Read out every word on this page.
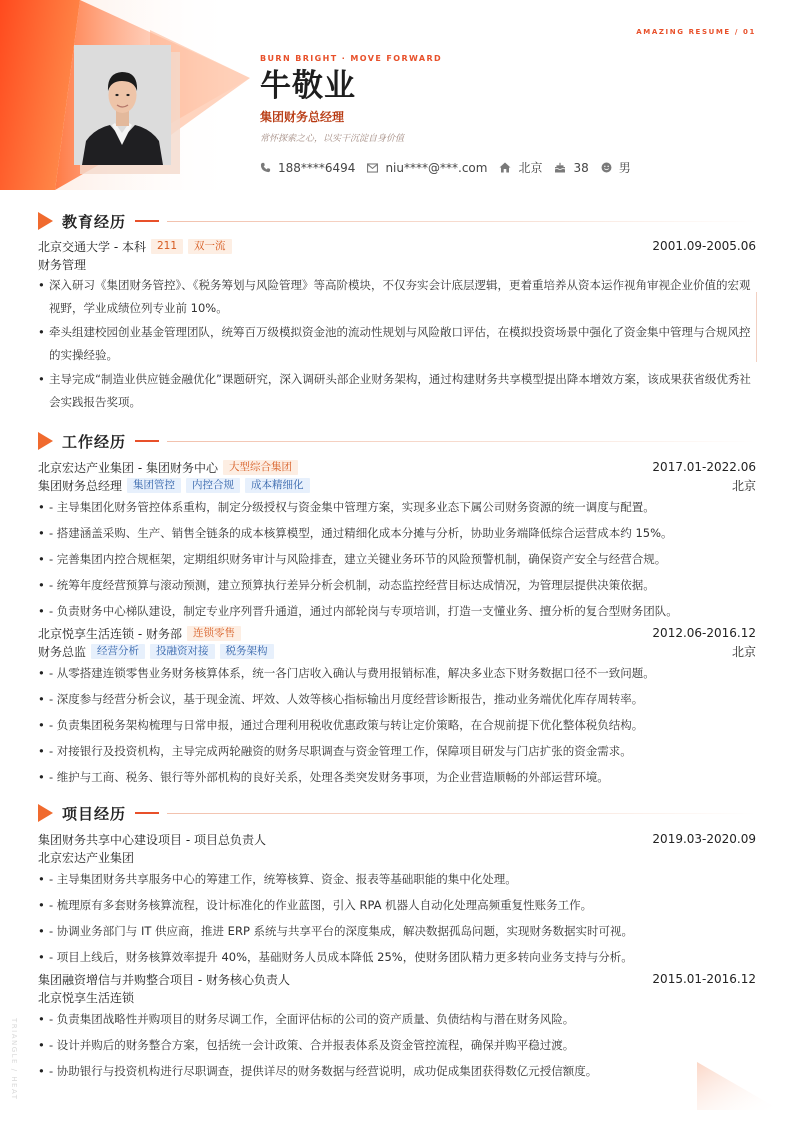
AMAZING RESUME / 01
TRIANGLE / HEAT
BURN BRIGHT · MOVE FORWARD
牛敬业
集团财务总经理
常怀探索之心，以实干沉淀自身价值
188****6494	niu****@***.com	北京	38	男
教育经历
北京交通大学 - 本科	211	双一流	2001.09-2005.06
财务管理
• 深入研习《集团财务管控》、《税务筹划与风险管理》等高阶模块，不仅夯实会计底层逻辑，更着重培养从资本运作视角审视企业价值的宏观视野，学业成绩位列专业前 10%。
• 牵头组建校园创业基金管理团队，统筹百万级模拟资金池的流动性规划与风险敞口评估，在模拟投资场景中强化了资金集中管理与合规风控的实操经验。
• 主导完成“制造业供应链金融优化”课题研究，深入调研头部企业财务架构，通过构建财务共享模型提出降本增效方案，该成果获省级优秀社会实践报告奖项。
工作经历
北京宏达产业集团 - 集团财务中心	大型综合集团	2017.01-2022.06
集团财务总经理	集团管控	内控合规	成本精细化	北京
• - 主导集团化财务管控体系重构，制定分级授权与资金集中管理方案，实现多业态下属公司财务资源的统一调度与配置。
• - 搭建涵盖采购、生产、销售全链条的成本核算模型，通过精细化成本分摊与分析，协助业务端降低综合运营成本约 15%。
• - 完善集团内控合规框架，定期组织财务审计与风险排查，建立关键业务环节的风险预警机制，确保资产安全与经营合规。
• - 统筹年度经营预算与滚动预测，建立预算执行差异分析会机制，动态监控经营目标达成情况，为管理层提供决策依据。
• - 负责财务中心梯队建设，制定专业序列晋升通道，通过内部轮岗与专项培训，打造一支懂业务、擅分析的复合型财务团队。
北京悦享生活连锁 - 财务部	连锁零售	2012.06-2016.12
财务总监	经营分析	投融资对接	税务架构	北京
• - 从零搭建连锁零售业务财务核算体系，统一各门店收入确认与费用报销标准，解决多业态下财务数据口径不一致问题。
• - 深度参与经营分析会议，基于现金流、坪效、人效等核心指标输出月度经营诊断报告，推动业务端优化库存周转率。
• - 负责集团税务架构梳理与日常申报，通过合理利用税收优惠政策与转让定价策略，在合规前提下优化整体税负结构。
• - 对接银行及投资机构，主导完成两轮融资的财务尽职调查与资金管理工作，保障项目研发与门店扩张的资金需求。
• - 维护与工商、税务、银行等外部机构的良好关系，处理各类突发财务事项，为企业营造顺畅的外部运营环境。
项目经历
集团财务共享中心建设项目 - 项目总负责人	2019.03-2020.09
北京宏达产业集团
• - 主导集团财务共享服务中心的筹建工作，统筹核算、资金、报表等基础职能的集中化处理。
• - 梳理原有多套财务核算流程，设计标准化的作业蓝图，引入 RPA 机器人自动化处理高频重复性账务工作。
• - 协调业务部门与 IT 供应商，推进 ERP 系统与共享平台的深度集成，解决数据孤岛问题，实现财务数据实时可视。
• - 项目上线后，财务核算效率提升 40%，基础财务人员成本降低 25%，使财务团队精力更多转向业务支持与分析。
集团融资增信与并购整合项目 - 财务核心负责人	2015.01-2016.12
北京悦享生活连锁
• - 负责集团战略性并购项目的财务尽调工作，全面评估标的公司的资产质量、负债结构与潜在财务风险。
• - 设计并购后的财务整合方案，包括统一会计政策、合并报表体系及资金管控流程，确保并购平稳过渡。
• - 协助银行与投资机构进行尽职调查，提供详尽的财务数据与经营说明，成功促成集团获得数亿元授信额度。
